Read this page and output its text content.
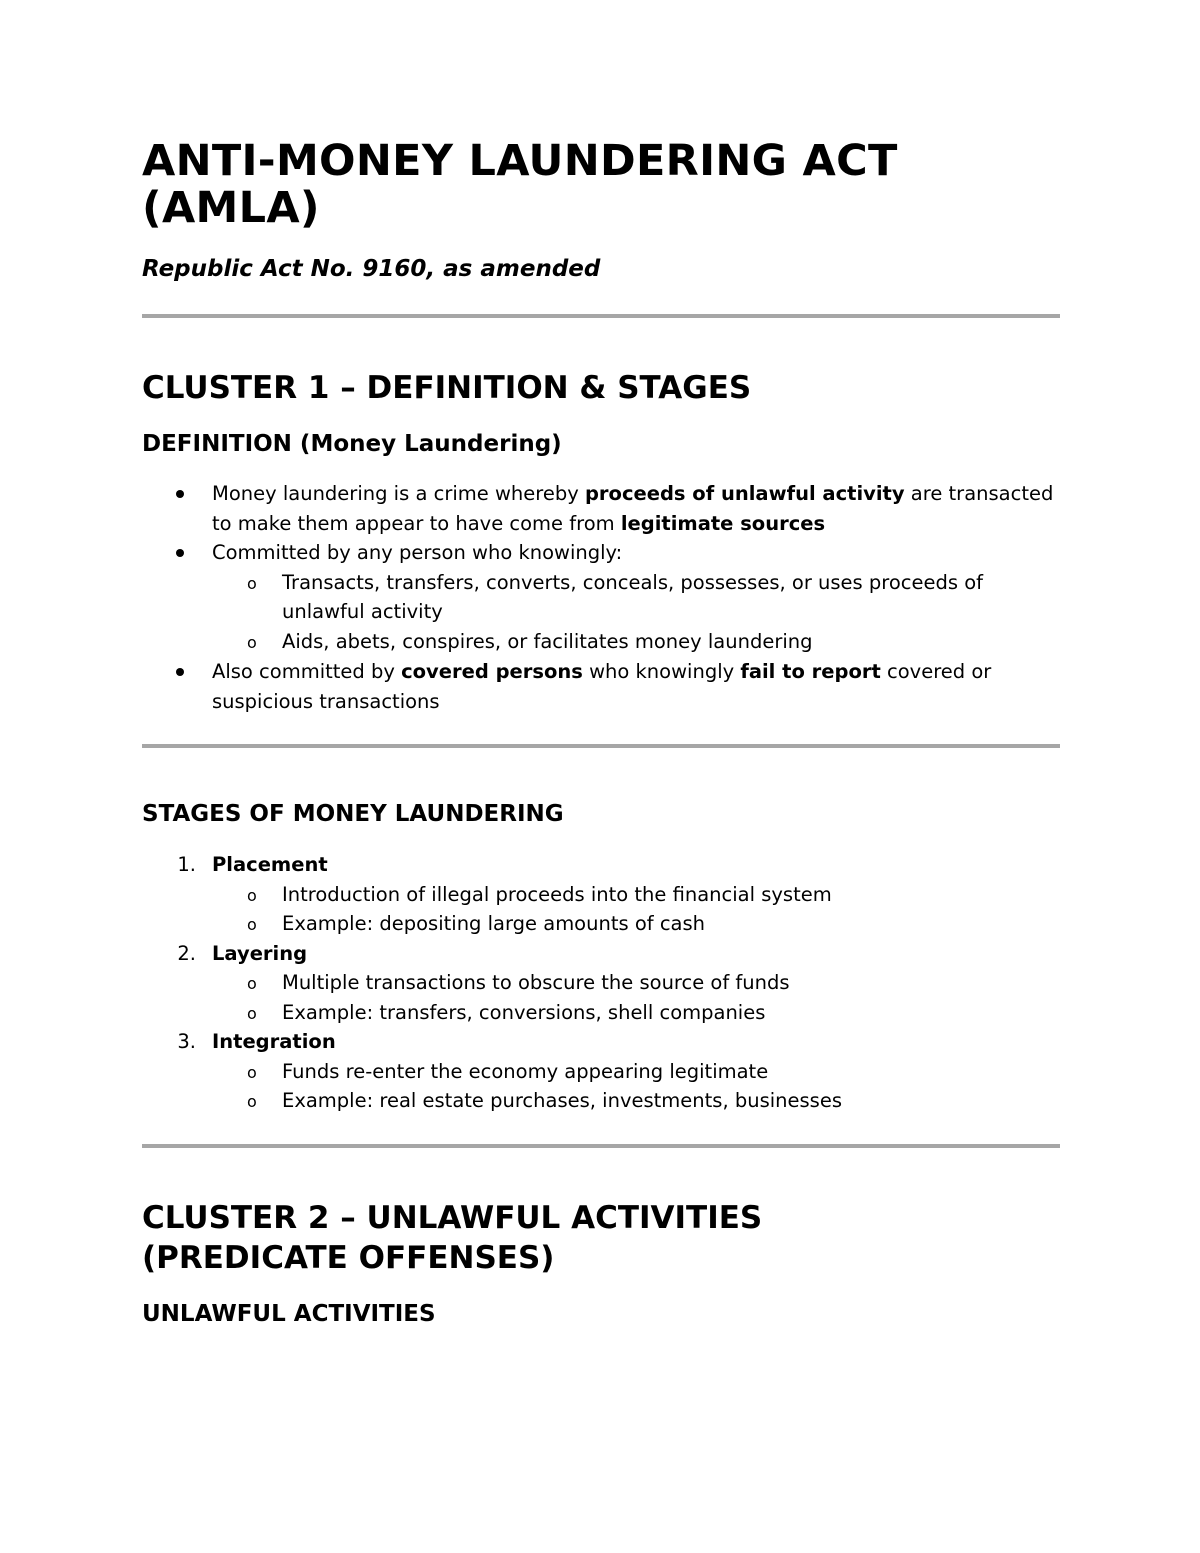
ANTI-MONEY LAUNDERING ACT
(AMLA)
Republic Act No. 9160, as amended
CLUSTER 1 – DEFINITION & STAGES
DEFINITION (Money Laundering)
Money laundering is a crime whereby proceeds of unlawful activity are transacted to make them appear to have come from legitimate sources
Committed by any person who knowingly:
o Transacts, transfers, converts, conceals, possesses, or uses proceeds of unlawful activity
o Aids, abets, conspires, or facilitates money laundering
Also committed by covered persons who knowingly fail to report covered or suspicious transactions
STAGES OF MONEY LAUNDERING
1. Placement
o Introduction of illegal proceeds into the financial system
o Example: depositing large amounts of cash
2. Layering
o Multiple transactions to obscure the source of funds
o Example: transfers, conversions, shell companies
3. Integration
o Funds re-enter the economy appearing legitimate
o Example: real estate purchases, investments, businesses
CLUSTER 2 – UNLAWFUL ACTIVITIES
(PREDICATE OFFENSES)
UNLAWFUL ACTIVITIES
